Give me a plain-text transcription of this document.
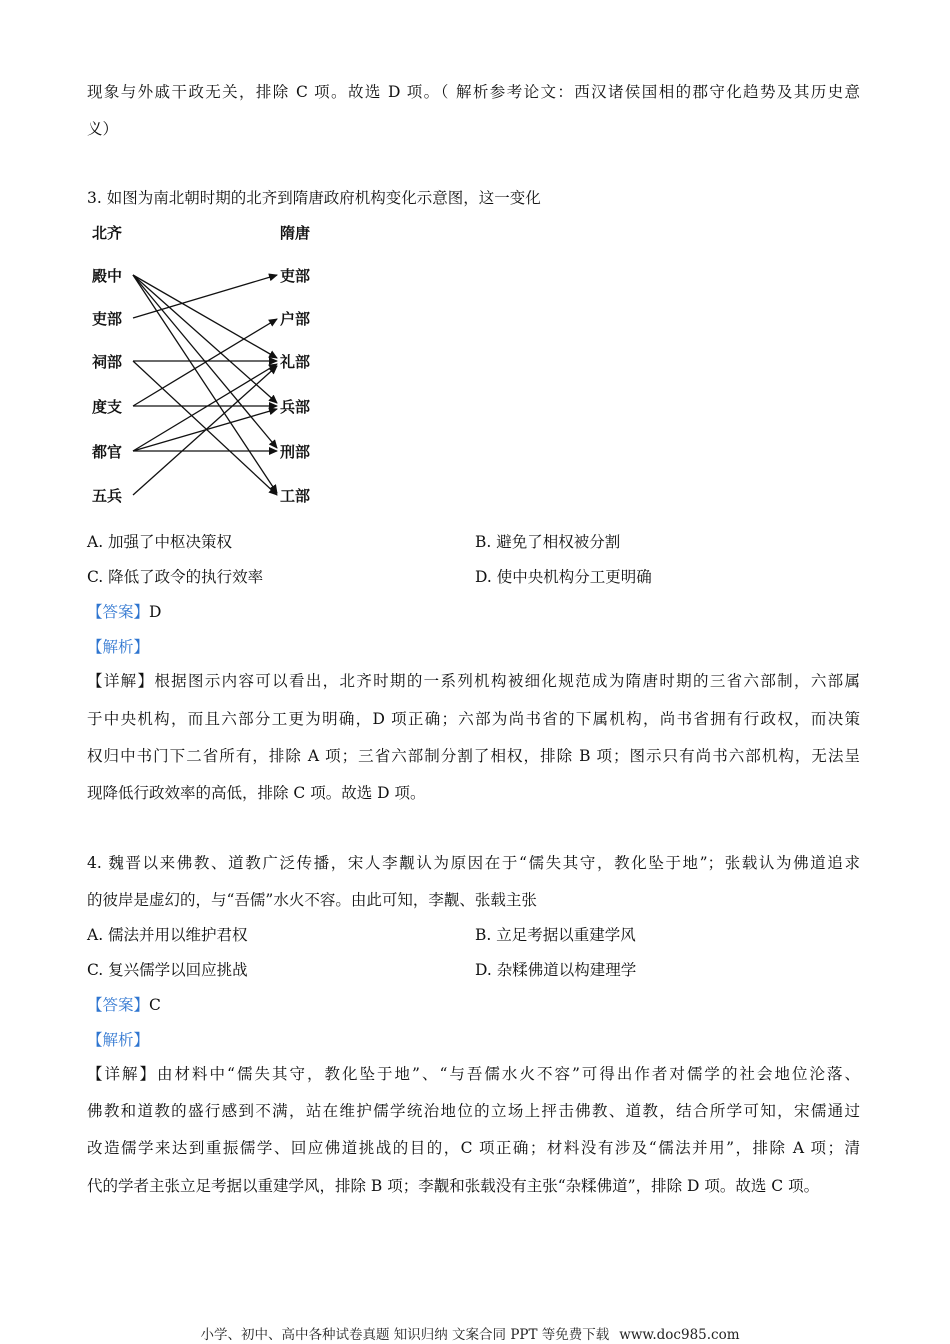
现象与外戚干政无关，排除 C 项。故选 D 项。（ 解析参考论文：西汉诸侯国相的郡守化趋势及其历史意
义）
3. 如图为南北朝时期的北齐到隋唐政府机构变化示意图，这一变化
北齐	隋唐
殿中
吏部
祠部
度支
都官
五兵
吏部
户部
礼部
兵部
刑部
工部
A. 加强了中枢决策权	B. 避免了相权被分割
C. 降低了政令的执行效率	D. 使中央机构分工更明确
【答案】D
【解析】
【详解】根据图示内容可以看出，北齐时期的一系列机构被细化规范成为隋唐时期的三省六部制，六部属
于中央机构，而且六部分工更为明确，D 项正确；六部为尚书省的下属机构，尚书省拥有行政权，而决策
权归中书门下二省所有，排除 A 项；三省六部制分割了相权，排除 B 项；图示只有尚书六部机构，无法呈
现降低行政效率的高低，排除 C 项。故选 D 项。
4. 魏晋以来佛教、道教广泛传播，宋人李觏认为原因在于“儒失其守，教化坠于地”；张载认为佛道追求
的彼岸是虚幻的，与“吾儒”水火不容。由此可知，李觏、张载主张
A. 儒法并用以维护君权	B. 立足考据以重建学风
C. 复兴儒学以回应挑战	D. 杂糅佛道以构建理学
【答案】C
【解析】
【详解】由材料中“儒失其守，教化坠于地”、“与吾儒水火不容”可得出作者对儒学的社会地位沦落、
佛教和道教的盛行感到不满，站在维护儒学统治地位的立场上抨击佛教、道教，结合所学可知，宋儒通过
改造儒学来达到重振儒学、回应佛道挑战的目的，C 项正确；材料没有涉及“儒法并用”，排除 A 项；清
代的学者主张立足考据以重建学风，排除 B 项；李觏和张载没有主张“杂糅佛道”，排除 D 项。故选 C 项。
小学、初中、高中各种试卷真题 知识归纳 文案合同 PPT 等免费下载 www.doc985.com
